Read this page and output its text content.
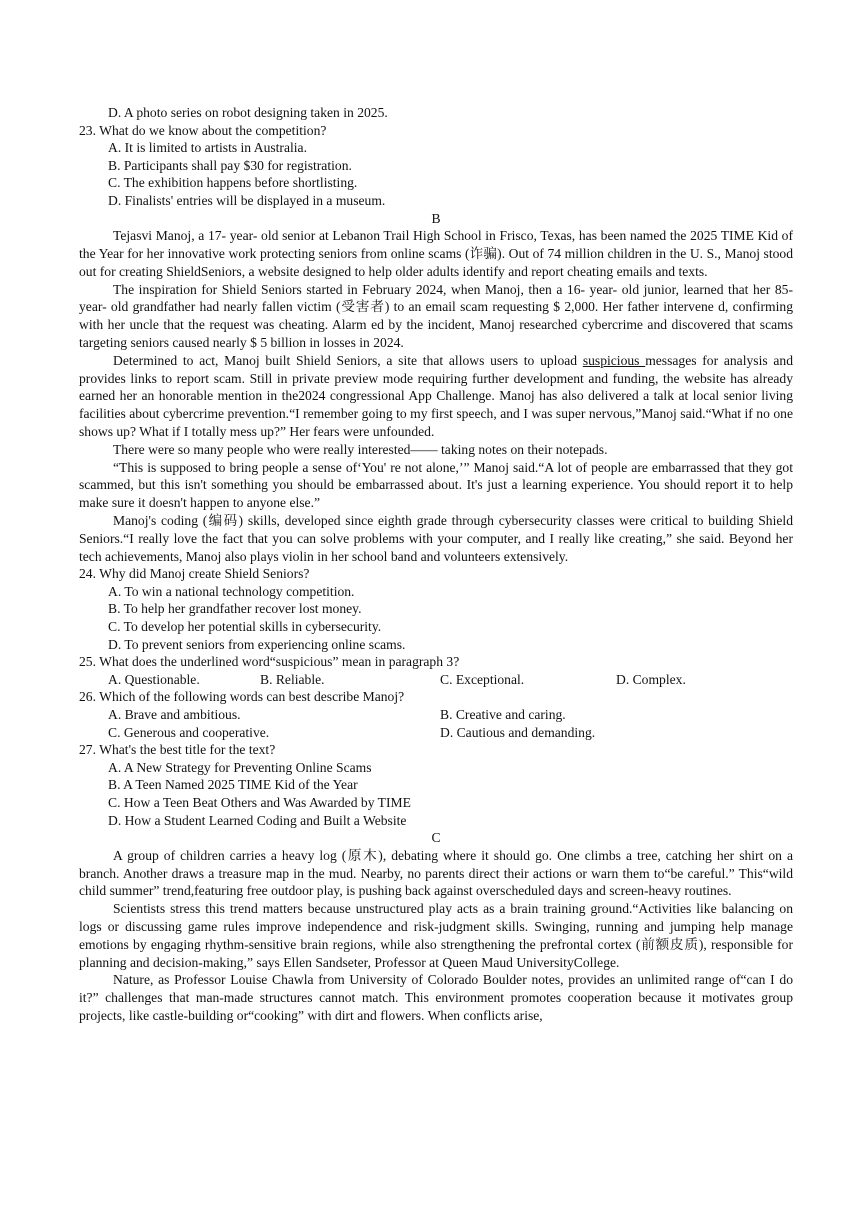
D. A photo series on robot designing taken in 2025.
23. What do we know about the competition?
A. It is limited to artists in Australia.
B. Participants shall pay $30 for registration.
C. The exhibition happens before shortlisting.
D. Finalists' entries will be displayed in a museum.
B

Tejasvi Manoj, a 17- year- old senior at Lebanon Trail High School in Frisco, Texas, has been named the 2025 TIME Kid of the Year for her innovative work protecting seniors from online scams (诈骗). Out of 74 million children in the U. S., Manoj stood out for creating ShieldSeniors, a website designed to help older adults identify and report cheating emails and texts.

The inspiration for Shield Seniors started in February 2024, when Manoj, then a 16- year- old junior, learned that her 85- year- old grandfather had nearly fallen victim (受害者) to an email scam requesting $ 2,000. Her father intervene d, confirming with her uncle that the request was cheating. Alarm ed by the incident, Manoj researched cybercrime and discovered that scams targeting seniors caused nearly $ 5 billion in losses in 2024.

Determined to act, Manoj built Shield Seniors, a site that allows users to upload suspicious messages for analysis and provides links to report scam. Still in private preview mode requiring further development and funding, the website has already earned her an honorable mention in the2024 congressional App Challenge. Manoj has also delivered a talk at local senior living facilities about cybercrime prevention.“I remember going to my first speech, and I was super nervous,”Manoj said.“What if no one shows up? What if I totally mess up?” Her fears were unfounded.

There were so many people who were really interested—— taking notes on their notepads.

“This is supposed to bring people a sense of‘You' re not alone,’” Manoj said.“A lot of people are embarrassed that they got scammed, but this isn't something you should be embarrassed about. It's just a learning experience. You should report it to help make sure it doesn't happen to anyone else.”

Manoj's coding (编码) skills, developed since eighth grade through cybersecurity classes were critical to building Shield Seniors.“I really love the fact that you can solve problems with your computer, and I really like creating,” she said. Beyond her tech achievements, Manoj also plays violin in her school band and volunteers extensively.

24. Why did Manoj create Shield Seniors?
A. To win a national technology competition.
B. To help her grandfather recover lost money.
C. To develop her potential skills in cybersecurity.
D. To prevent seniors from experiencing online scams.
25. What does the underlined word“suspicious” mean in paragraph 3?
A. Questionable.	B. Reliable.	C. Exceptional.	D. Complex.
26. Which of the following words can best describe Manoj?
A. Brave and ambitious.	B. Creative and caring.
C. Generous and cooperative.	D. Cautious and demanding.
27. What's the best title for the text?
A. A New Strategy for Preventing Online Scams
B. A Teen Named 2025 TIME Kid of the Year
C. How a Teen Beat Others and Was Awarded by TIME
D. How a Student Learned Coding and Built a Website
C

A group of children carries a heavy log (原木), debating where it should go. One climbs a tree, catching her shirt on a branch. Another draws a treasure map in the mud. Nearby, no parents direct their actions or warn them to“be careful.” This“wild child summer” trend,featuring free outdoor play, is pushing back against overscheduled days and screen-heavy routines.

Scientists stress this trend matters because unstructured play acts as a brain training ground.“Activities like balancing on logs or discussing game rules improve independence and risk-judgment skills. Swinging, running and jumping help manage emotions by engaging rhythm-sensitive brain regions, while also strengthening the prefrontal cortex (前额皮质), responsible for planning and decision-making,” says Ellen Sandseter, Professor at Queen Maud UniversityCollege.

Nature, as Professor Louise Chawla from University of Colorado Boulder notes, provides an unlimited range of“can I do it?” challenges that man-made structures cannot match. This environment promotes cooperation because it motivates group projects, like castle-building or“cooking” with dirt and flowers. When conflicts arise,
